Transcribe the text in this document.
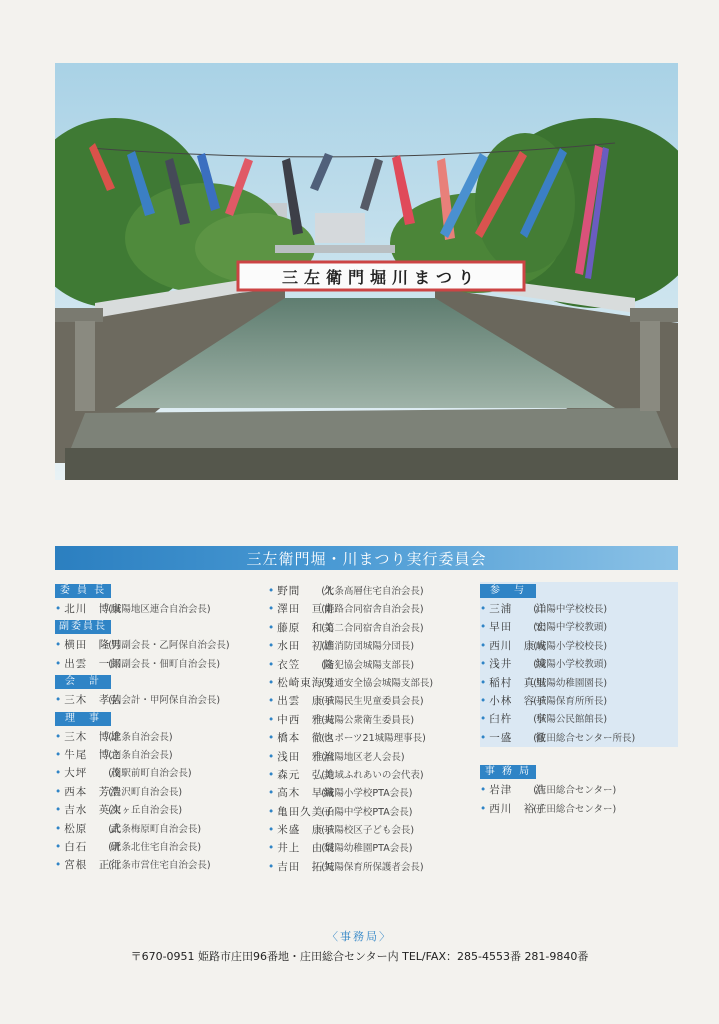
三左衛門堀川まつり
三左衛門堀・川まつり実行委員会
委 員 長
• 北川　博康(城陽地区連合自治会長)
副委員長
• 横田　隆男(同副会長・乙阿保自治会長)
• 出雲　一郎(同副会長・佃町自治会長)
会　計
• 三木　孝弘(同会計・甲阿保自治会長)
理　事
• 三木　博雄(北条自治会長)
• 牛尾　博之(南条自治会長)
• 大坪　　茂(南駅前町自治会長)
• 西本　芳浩(豊沢町自治会長)
• 吉水　英次(東ヶ丘自治会長)
• 松原　　武(北条梅原町自治会長)
• 白石　　研(北条北住宅自治会長)
• 宮根　正行(北条市営住宅自治会長)
• 野間　　久(北条高層住宅自治会長)
• 澤田　亘甫(姫路合同宿舎自治会長)
• 藤原　和美(第二合同宿舎自治会長)
• 水田　初雄(西消防団城陽分団長)
• 衣笠　　隆(防犯協会城陽支部長)
• 松崎東海男(交通安全協会城陽支部長)
• 出雲　康子(城陽民生児童委員会長)
• 中西　雅夫(城陽公衆衛生委員長)
• 橋本　徹也(スポーツ21城陽理事長)
• 浅田　雅治(城陽地区老人会長)
• 森元　弘美(地域ふれあいの会代表)
• 高木　早織(城陽小学校PTA会長)
• 亀田久美子(山陽中学校PTA会長)
• 米盛　康子(城陽校区子ども会長)
• 井上　由梨(城陽幼稚園PTA会長)
• 吉田　拓矢(城陽保育所保護者会長)
参　与
• 三浦　　洋(山陽中学校校長)
• 早田　　宏(山陽中学校教頭)
• 西川　康成(城陽小学校校長)
• 浅井　　綾(城陽小学校教頭)
• 稲村　真里(城陽幼稚園園長)
• 小林　容子(城陽保育所所長)
• 臼杵　　亨(城陽公民館館長)
• 一盛　　徹(庄田総合センター所長)
事 務 局
• 岩津　　浩(庄田総合センター)
• 西川　裕子(庄田総合センター)
〈事務局〉
〒670-0951 姫路市庄田96番地・庄田総合センター内 TEL/FAX：285-4553番 281-9840番
